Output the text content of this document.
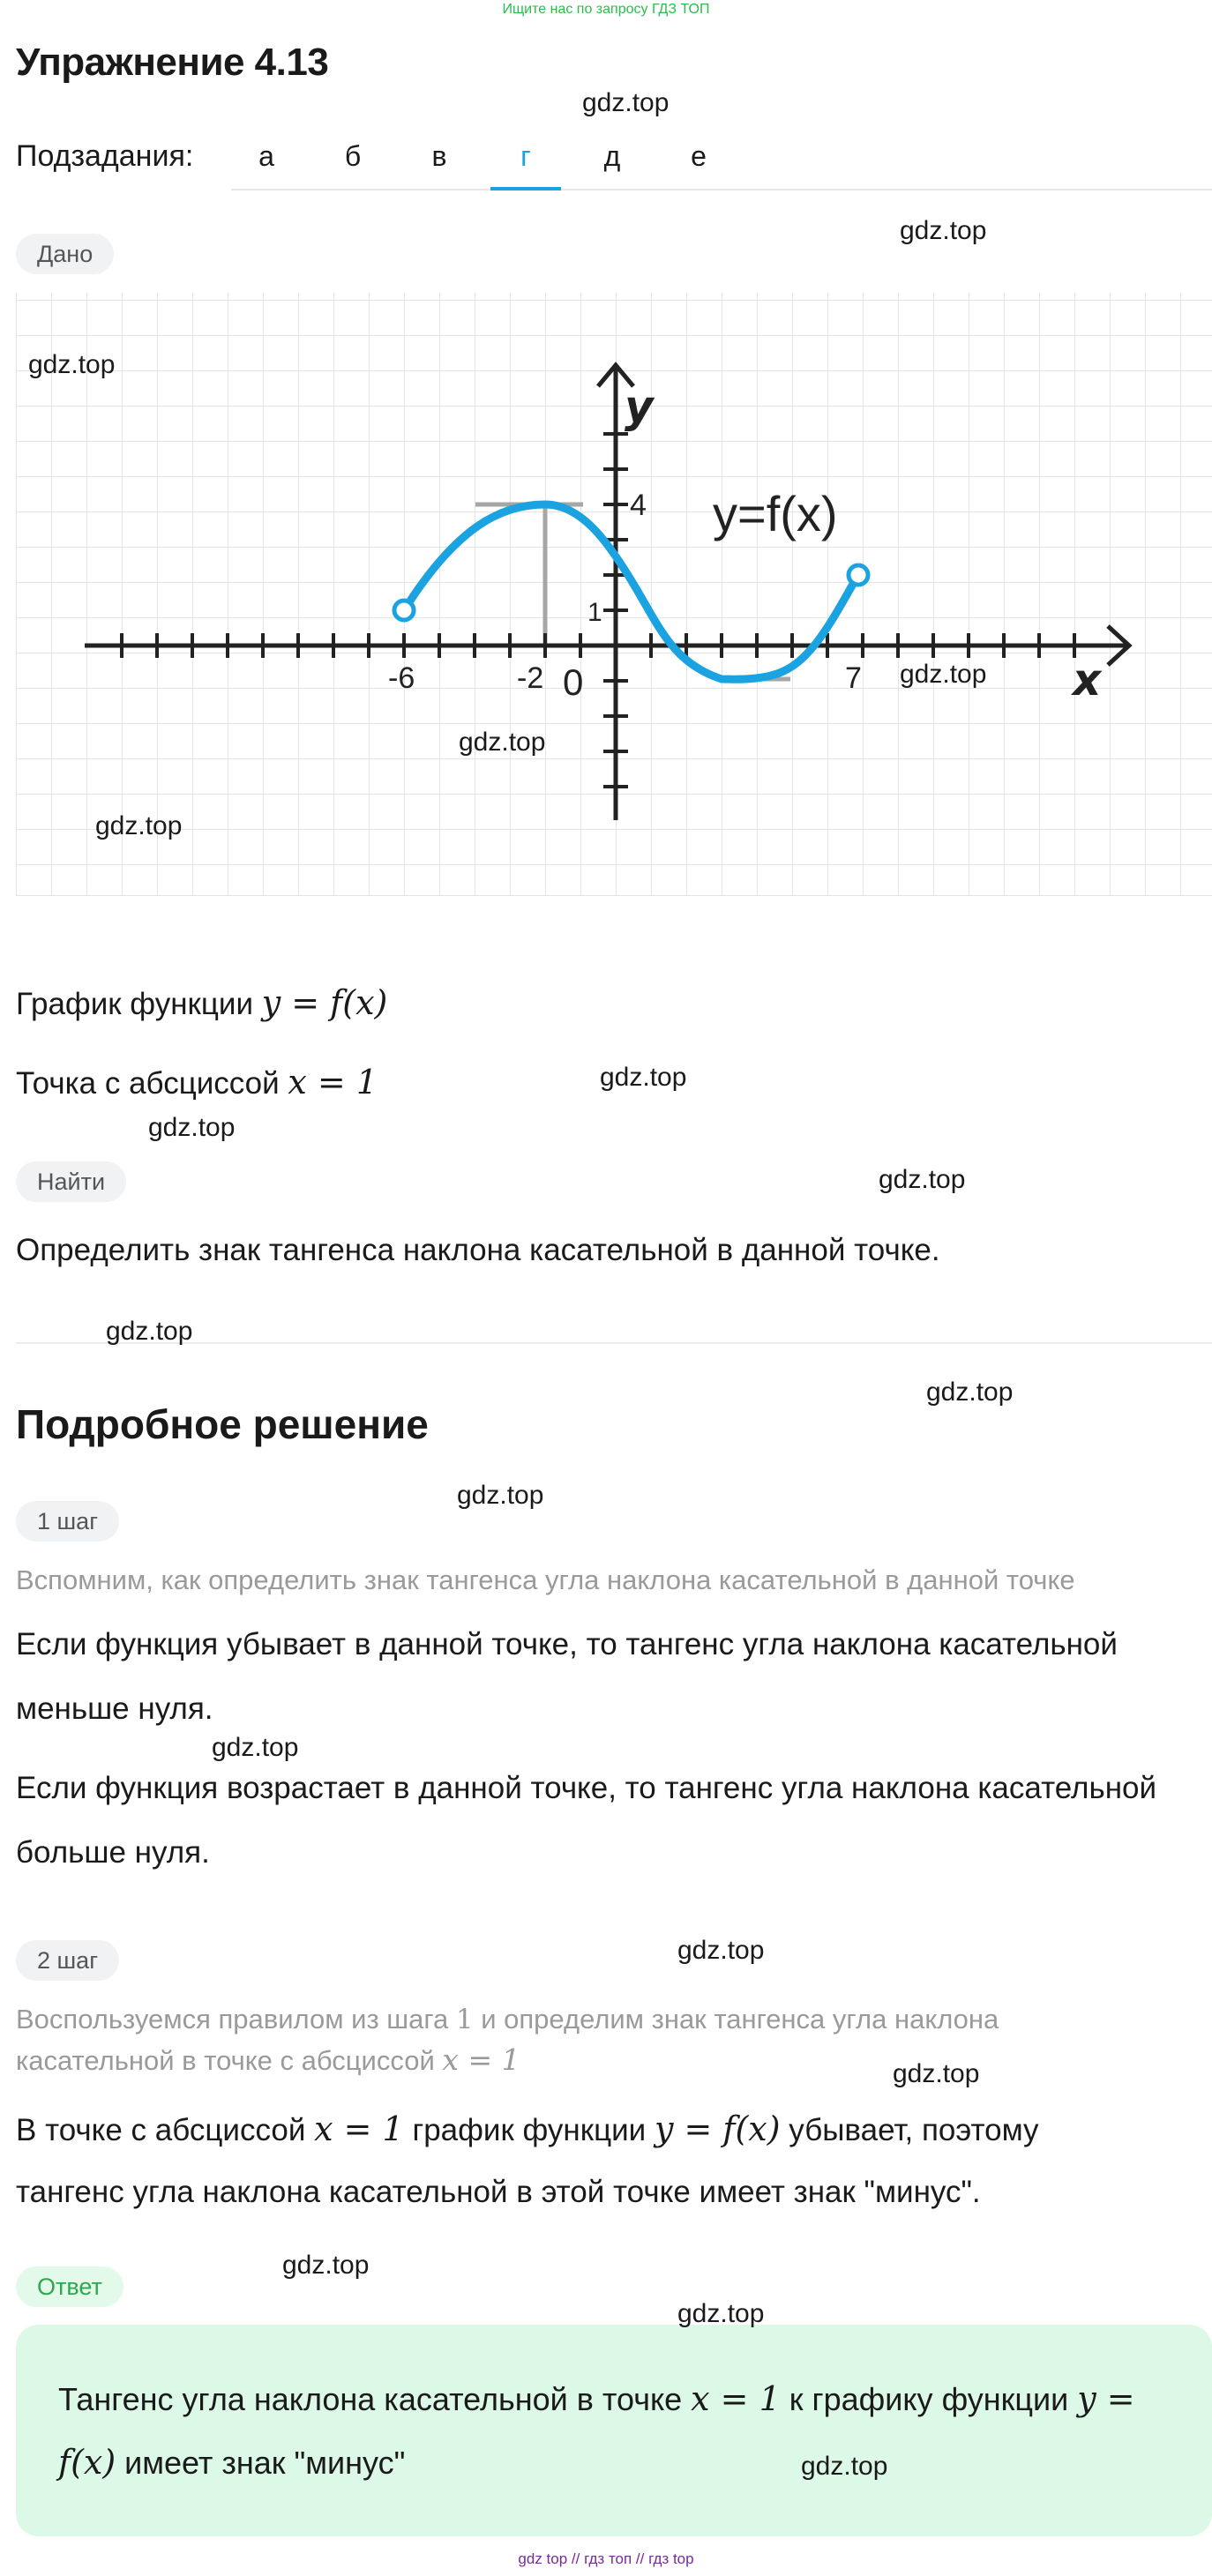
Ищите нас по запросу ГДЗ ТОП
Упражнение 4.13
Подзадания:	а	б	в	г	д	е
Дано
y
x
y=f(x)
-6	-2 0	7
4
1
График функции y = f(x)
Точка с абсциссой x = 1
Найти
Определить знак тангенса наклона касательной в данной точке.
Подробное решение
1 шаг
Вспомним, как определить знак тангенса угла наклона касательной в данной точке
Если функция убывает в данной точке, то тангенс угла наклона касательной
меньше нуля.
Если функция возрастает в данной точке, то тангенс угла наклона касательной
больше нуля.
2 шаг
Воспользуемся правилом из шага 1 и определим знак тангенса угла наклона
касательной в точке с абсциссой x = 1
В точке с абсциссой x = 1 график функции y = f(x) убывает, поэтому
тангенс угла наклона касательной в этой точке имеет знак "минус".
Ответ
Тангенс угла наклона касательной в точке x = 1 к графику функции y =
f(x) имеет знак "минус"
gdz.top
gdz.top
gdz.top
gdz.top
gdz.top
gdz.top
gdz.top
gdz.top
gdz.top
gdz.top
gdz.top
gdz.top
gdz.top
gdz.top
gdz.top
gdz.top
gdz.top
gdz.top
gdz top // гдз топ // гдз top
